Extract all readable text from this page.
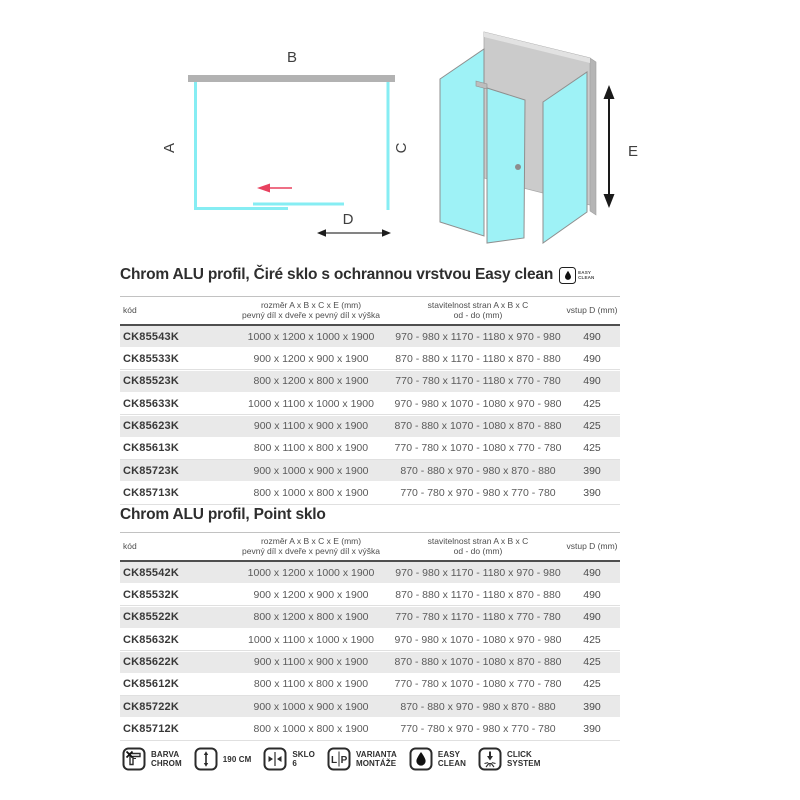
B
A	C
D
E
Chrom ALU profil, Čiré sklo s ochrannou vrstvou Easy clean	EASY
CLEAN
kód	rozměr A x B x C x E (mm)
pevný díl x dveře x pevný díl x výška
stavitelnost stran A x B x C
od - do (mm)	vstup D (mm)
CK85543K	1000 x 1200 x 1000 x 1900	970 - 980 x 1170 - 1180 x 970 - 980	490
CK85533K	900 x 1200 x 900 x 1900	870 - 880 x 1170 - 1180 x 870 - 880	490
CK85523K	800 x 1200 x 800 x 1900	770 - 780 x 1170 - 1180 x 770 - 780	490
CK85633K	1000 x 1100 x 1000 x 1900	970 - 980 x 1070 - 1080 x 970 - 980	425
CK85623K	900 x 1100 x 900 x 1900	870 - 880 x 1070 - 1080 x 870 - 880	425
CK85613K	800 x 1100 x 800 x 1900	770 - 780 x 1070 - 1080 x 770 - 780	425
CK85723K	900 x 1000 x 900 x 1900	870 - 880 x 970 - 980 x 870 - 880	390
CK85713K	800 x 1000 x 800 x 1900	770 - 780 x 970 - 980 x 770 - 780	390
Chrom ALU profil, Point sklo
kód	rozměr A x B x C x E (mm)
pevný díl x dveře x pevný díl x výška
stavitelnost stran A x B x C
od - do (mm)	vstup D (mm)
CK85542K	1000 x 1200 x 1000 x 1900	970 - 980 x 1170 - 1180 x 970 - 980	490
CK85532K	900 x 1200 x 900 x 1900	870 - 880 x 1170 - 1180 x 870 - 880	490
CK85522K	800 x 1200 x 800 x 1900	770 - 780 x 1170 - 1180 x 770 - 780	490
CK85632K	1000 x 1100 x 1000 x 1900	970 - 980 x 1070 - 1080 x 970 - 980	425
CK85622K	900 x 1100 x 900 x 1900	870 - 880 x 1070 - 1080 x 870 - 880	425
CK85612K	800 x 1100 x 800 x 1900	770 - 780 x 1070 - 1080 x 770 - 780	425
CK85722K	900 x 1000 x 900 x 1900	870 - 880 x 970 - 980 x 870 - 880	390
CK85712K	800 x 1000 x 800 x 1900	770 - 780 x 970 - 980 x 770 - 780	390
BARVA
CHROM	190 CM	SKLO
6	L P
VARIANTA
MONTÁŽE
EASY
CLEAN
CLICK
SYSTEM
